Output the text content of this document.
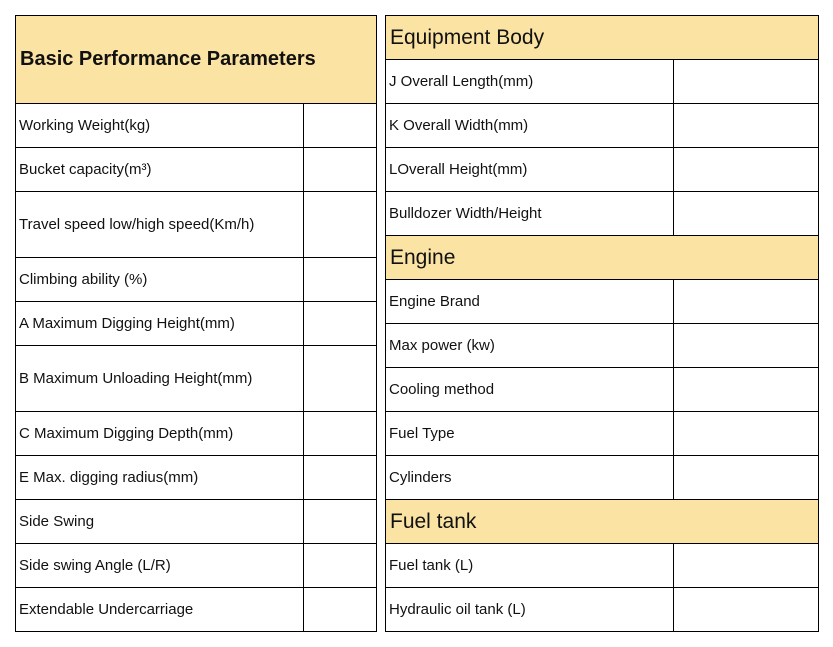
Basic Performance Parameters	
Working Weight(kg)	
Bucket capacity(m³)	
Travel speed low/high speed(Km/h)	
Climbing ability (%)	
A Maximum Digging Height(mm)	
B Maximum Unloading Height(mm)	
C Maximum Digging Depth(mm)	
E Max. digging radius(mm)	
Side Swing	
Side swing Angle (L/R)	
Extendable Undercarriage	
Equipment Body	
J Overall Length(mm)	
K Overall Width(mm)	
LOverall Height(mm)	
Bulldozer Width/Height	
Engine	
Engine Brand	
Max power (kw)	
Cooling method	
Fuel Type	
Cylinders	
Fuel tank	
Fuel tank (L)	
Hydraulic oil tank (L)	
